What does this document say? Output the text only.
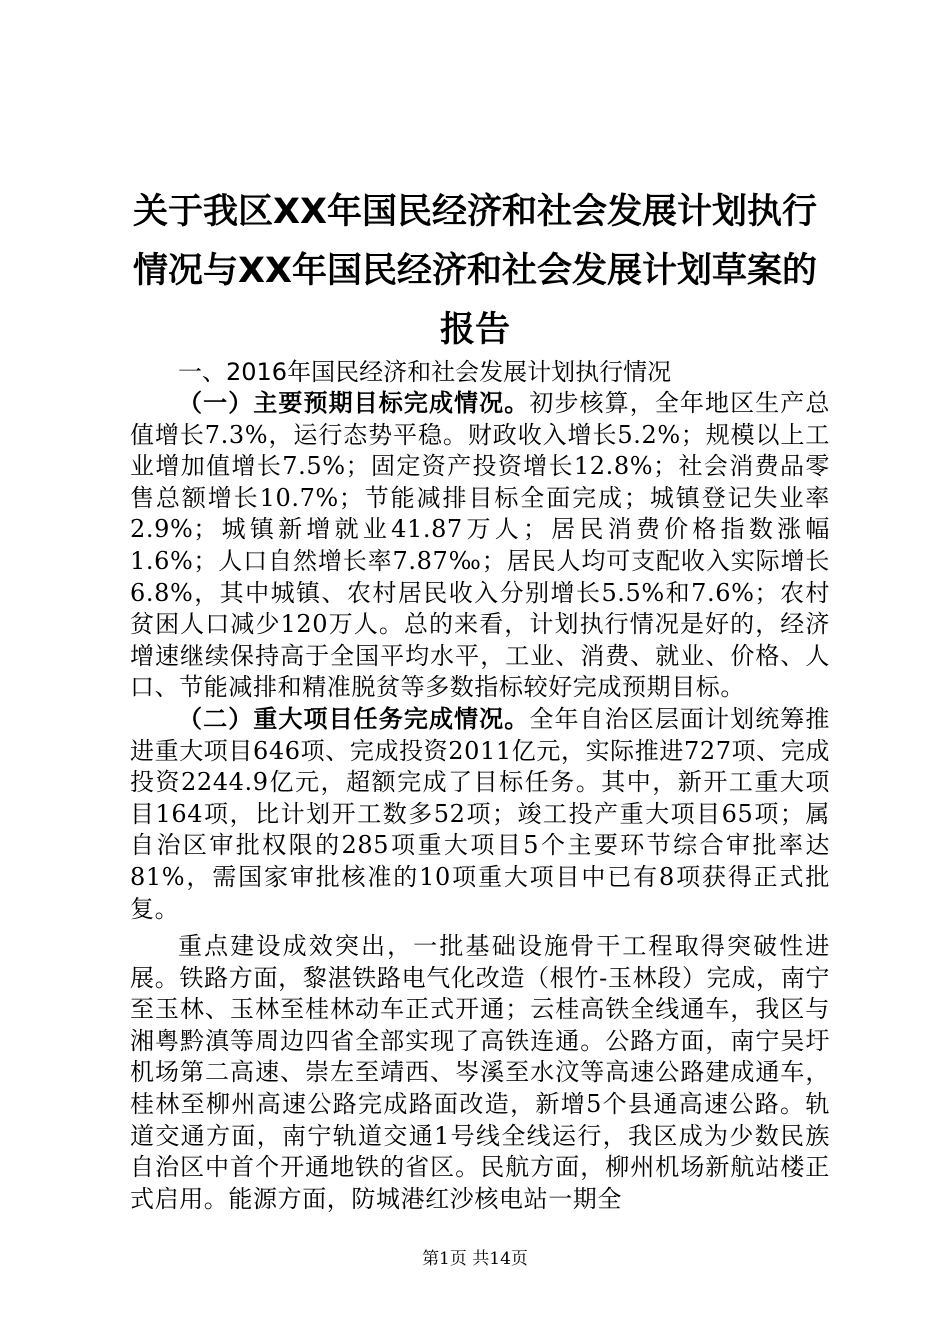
关于我区XX年国民经济和社会发展计划执行
情况与XX年国民经济和社会发展计划草案的
报告

一、2016年国民经济和社会发展计划执行情况

（一）主要预期目标完成情况。初步核算，全年地区生产总值增长7.3%，运行态势平稳。财政收入增长5.2%；规模以上工业增加值增长7.5%；固定资产投资增长12.8%；社会消费品零售总额增长10.7%；节能减排目标全面完成；城镇登记失业率2.9%；城镇新增就业41.87万人；居民消费价格指数涨幅1.6%；人口自然增长率7.87‰；居民人均可支配收入实际增长6.8%，其中城镇、农村居民收入分别增长5.5%和7.6%；农村贫困人口减少120万人。总的来看，计划执行情况是好的，经济增速继续保持高于全国平均水平，工业、消费、就业、价格、人口、节能减排和精准脱贫等多数指标较好完成预期目标。

（二）重大项目任务完成情况。全年自治区层面计划统筹推进重大项目646项、完成投资2011亿元，实际推进727项、完成投资2244.9亿元，超额完成了目标任务。其中，新开工重大项目164项，比计划开工数多52项；竣工投产重大项目65项；属自治区审批权限的285项重大项目5个主要环节综合审批率达81%，需国家审批核准的10项重大项目中已有8项获得正式批复。

重点建设成效突出，一批基础设施骨干工程取得突破性进展。铁路方面，黎湛铁路电气化改造（根竹-玉林段）完成，南宁至玉林、玉林至桂林动车正式开通；云桂高铁全线通车，我区与湘粤黔滇等周边四省全部实现了高铁连通。公路方面，南宁吴圩机场第二高速、崇左至靖西、岑溪至水汶等高速公路建成通车，桂林至柳州高速公路完成路面改造，新增5个县通高速公路。轨道交通方面，南宁轨道交通1号线全线运行，我区成为少数民族自治区中首个开通地铁的省区。民航方面，柳州机场新航站楼正式启用。能源方面，防城港红沙核电站一期全

第1页 共14页
